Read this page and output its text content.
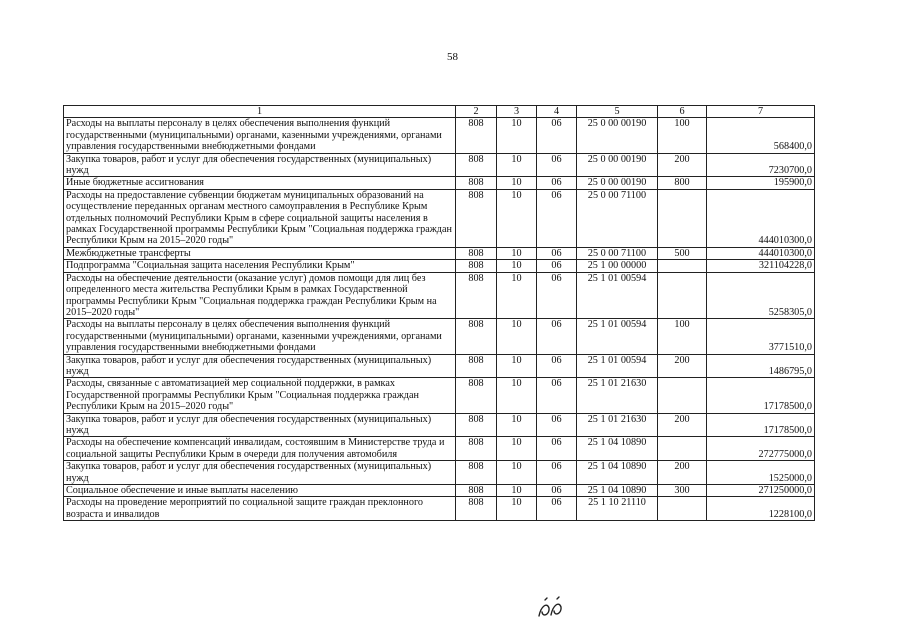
58
1	2	3	4	5	6	7
Расходы на выплаты персоналу в целях обеспечения выполнения функций государственными (муниципальными) органами, казенными учреждениями, органами управления государственными внебюджетными фондами	808	10	06	25 0 00 00190	100	568400,0
Закупка товаров, работ и услуг для обеспечения государственных (муниципальных) нужд	808	10	06	25 0 00 00190	200	7230700,0
Иные бюджетные ассигнования	808	10	06	25 0 00 00190	800	195900,0
Расходы на предоставление субвенции бюджетам муниципальных образований на осуществление переданных органам местного самоуправления в Республике Крым отдельных полномочий Республики Крым в сфере социальной защиты населения в рамках Государственной программы Республики Крым "Социальная поддержка граждан Республики Крым на 2015–2020 годы"	808	10	06	25 0 00 71100		444010300,0
Межбюджетные трансферты	808	10	06	25 0 00 71100	500	444010300,0
Подпрограмма "Социальная защита населения Республики Крым"	808	10	06	25 1 00 00000		321104228,0
Расходы на обеспечение деятельности (оказание услуг) домов помощи для лиц без определенного места жительства Республики Крым в рамках Государственной программы Республики Крым "Социальная поддержка граждан Республики Крым на 2015–2020 годы"	808	10	06	25 1 01 00594		5258305,0
Расходы на выплаты персоналу в целях обеспечения выполнения функций государственными (муниципальными) органами, казенными учреждениями, органами управления государственными внебюджетными фондами	808	10	06	25 1 01 00594	100	3771510,0
Закупка товаров, работ и услуг для обеспечения государственных (муниципальных) нужд	808	10	06	25 1 01 00594	200	1486795,0
Расходы, связанные с автоматизацией мер социальной поддержки, в рамках Государственной программы Республики Крым "Социальная поддержка граждан Республики Крым на 2015–2020 годы"	808	10	06	25 1 01 21630		17178500,0
Закупка товаров, работ и услуг для обеспечения государственных (муниципальных) нужд	808	10	06	25 1 01 21630	200	17178500,0
Расходы на обеспечение компенсаций инвалидам, состоявшим в Министерстве труда и социальной защиты Республики Крым в очереди для получения автомобиля	808	10	06	25 1 04 10890		272775000,0
Закупка товаров, работ и услуг для обеспечения государственных (муниципальных) нужд	808	10	06	25 1 04 10890	200	1525000,0
Социальное обеспечение и иные выплаты населению	808	10	06	25 1 04 10890	300	271250000,0
Расходы на проведение мероприятий по социальной защите граждан преклонного возраста и инвалидов	808	10	06	25 1 10 21110		1228100,0
